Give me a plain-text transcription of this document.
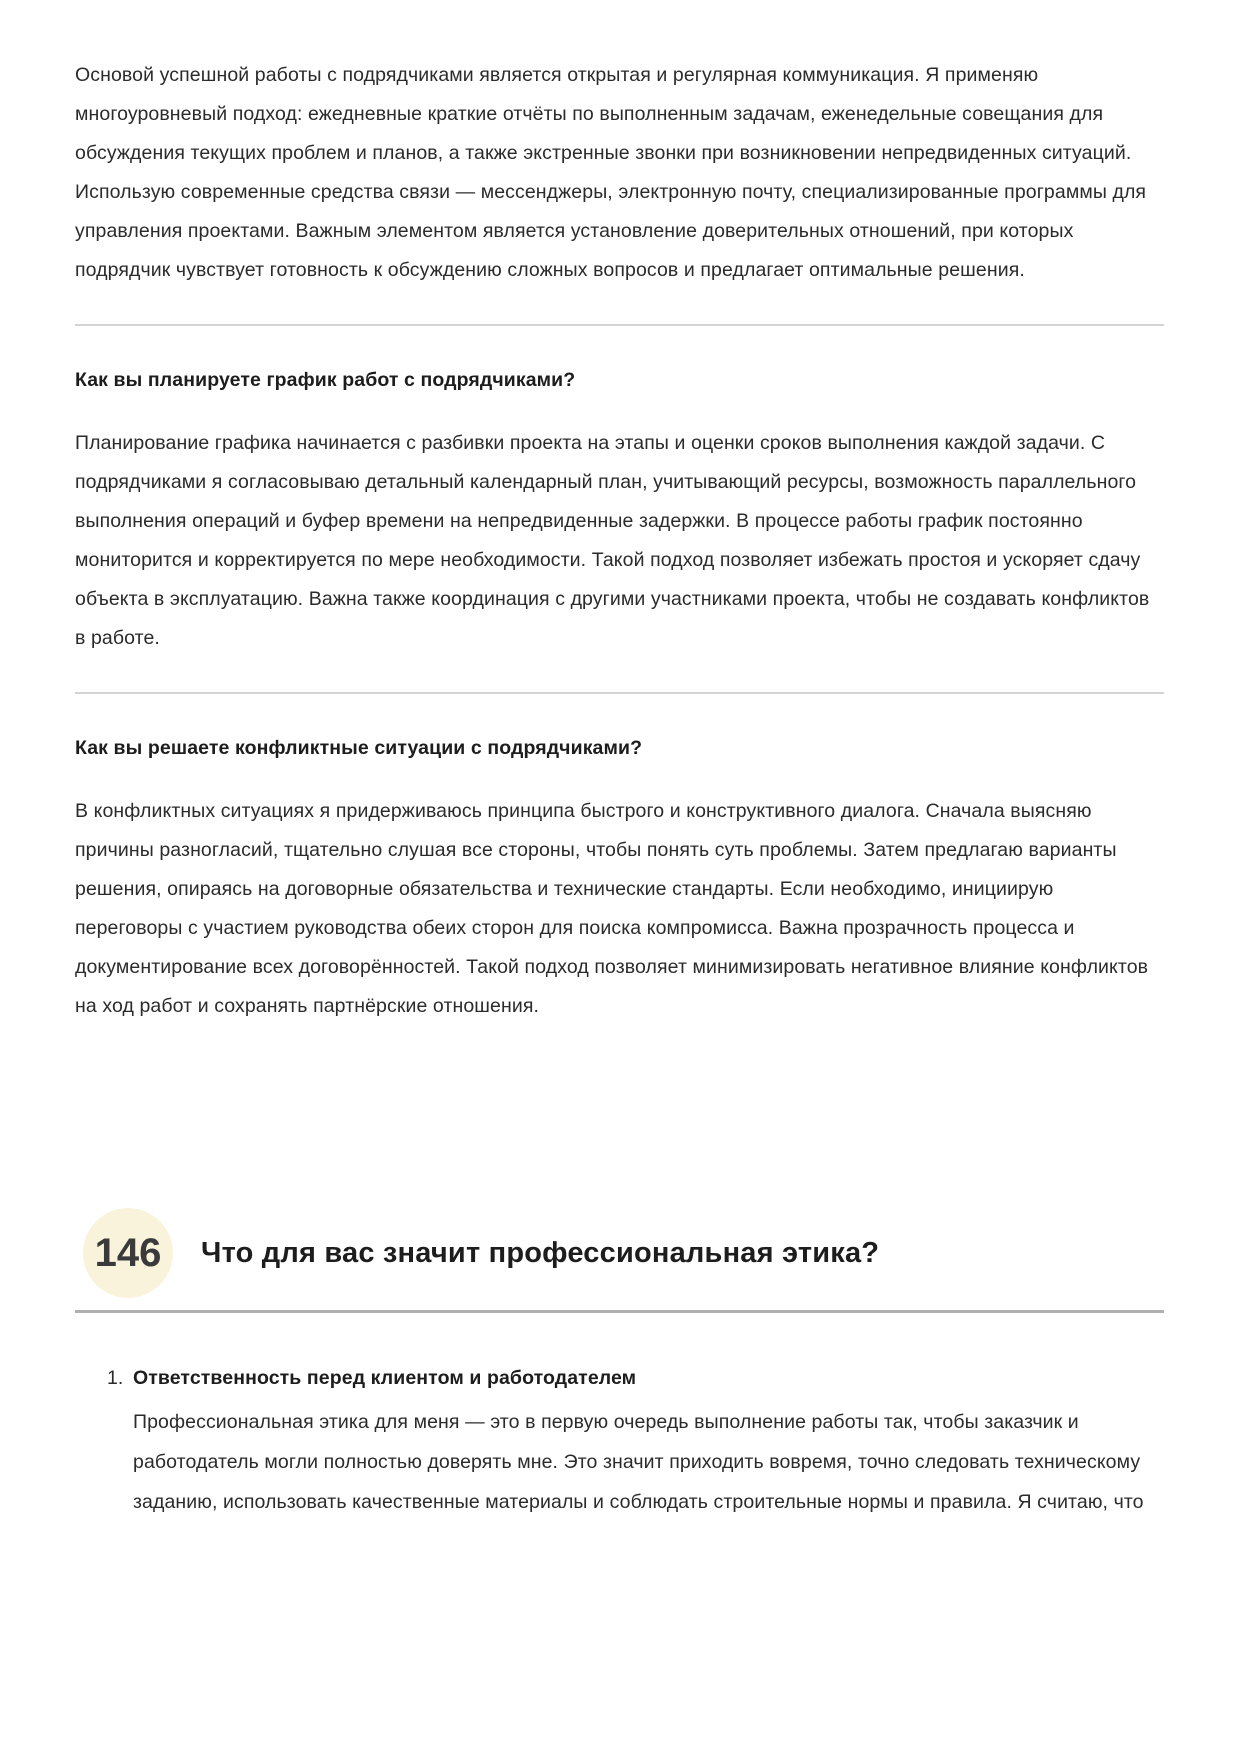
Основой успешной работы с подрядчиками является открытая и регулярная коммуникация. Я применяю многоуровневый подход: ежедневные краткие отчёты по выполненным задачам, еженедельные совещания для обсуждения текущих проблем и планов, а также экстренные звонки при возникновении непредвиденных ситуаций. Использую современные средства связи — мессенджеры, электронную почту, специализированные программы для управления проектами. Важным элементом является установление доверительных отношений, при которых подрядчик чувствует готовность к обсуждению сложных вопросов и предлагает оптимальные решения.

Как вы планируете график работ с подрядчиками?

Планирование графика начинается с разбивки проекта на этапы и оценки сроков выполнения каждой задачи. С подрядчиками я согласовываю детальный календарный план, учитывающий ресурсы, возможность параллельного выполнения операций и буфер времени на непредвиденные задержки. В процессе работы график постоянно мониторится и корректируется по мере необходимости. Такой подход позволяет избежать простоя и ускоряет сдачу объекта в эксплуатацию. Важна также координация с другими участниками проекта, чтобы не создавать конфликтов в работе.

Как вы решаете конфликтные ситуации с подрядчиками?

В конфликтных ситуациях я придерживаюсь принципа быстрого и конструктивного диалога. Сначала выясняю причины разногласий, тщательно слушая все стороны, чтобы понять суть проблемы. Затем предлагаю варианты решения, опираясь на договорные обязательства и технические стандарты. Если необходимо, инициирую переговоры с участием руководства обеих сторон для поиска компромисса. Важна прозрачность процесса и документирование всех договорённостей. Такой подход позволяет минимизировать негативное влияние конфликтов на ход работ и сохранять партнёрские отношения.

146	Что для вас значит профессиональная этика?
1. Ответственность перед клиентом и работодателем
Профессиональная этика для меня — это в первую очередь выполнение работы так, чтобы заказчик и работодатель могли полностью доверять мне. Это значит приходить вовремя, точно следовать техническому заданию, использовать качественные материалы и соблюдать строительные нормы и правила. Я считаю, что
